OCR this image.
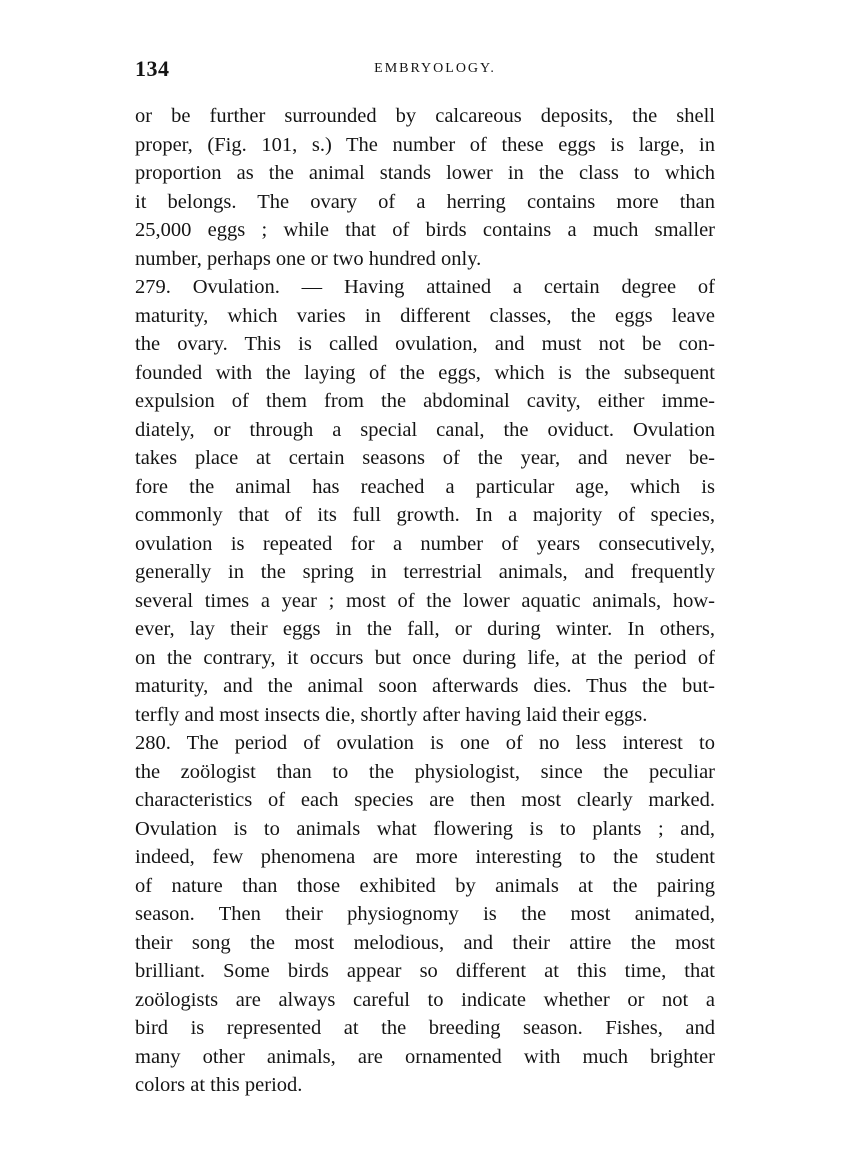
134	EMBRYOLOGY.
or be further surrounded by calcareous deposits, the shell
proper, (Fig. 101, s.) The number of these eggs is large, in
proportion as the animal stands lower in the class to which
it belongs. The ovary of a herring contains more than
25,000 eggs ; while that of birds contains a much smaller
number, perhaps one or two hundred only.
279. Ovulation. — Having attained a certain degree of
maturity, which varies in different classes, the eggs leave
the ovary. This is called ovulation, and must not be con-
founded with the laying of the eggs, which is the subsequent
expulsion of them from the abdominal cavity, either imme-
diately, or through a special canal, the oviduct. Ovulation
takes place at certain seasons of the year, and never be-
fore the animal has reached a particular age, which is
commonly that of its full growth. In a majority of species,
ovulation is repeated for a number of years consecutively,
generally in the spring in terrestrial animals, and frequently
several times a year ; most of the lower aquatic animals, how-
ever, lay their eggs in the fall, or during winter. In others,
on the contrary, it occurs but once during life, at the period of
maturity, and the animal soon afterwards dies. Thus the but-
terfly and most insects die, shortly after having laid their eggs.
280. The period of ovulation is one of no less interest to
the zoölogist than to the physiologist, since the peculiar
characteristics of each species are then most clearly marked.
Ovulation is to animals what flowering is to plants ; and,
indeed, few phenomena are more interesting to the student
of nature than those exhibited by animals at the pairing
season. Then their physiognomy is the most animated,
their song the most melodious, and their attire the most
brilliant. Some birds appear so different at this time, that
zoölogists are always careful to indicate whether or not a
bird is represented at the breeding season. Fishes, and
many other animals, are ornamented with much brighter
colors at this period.
